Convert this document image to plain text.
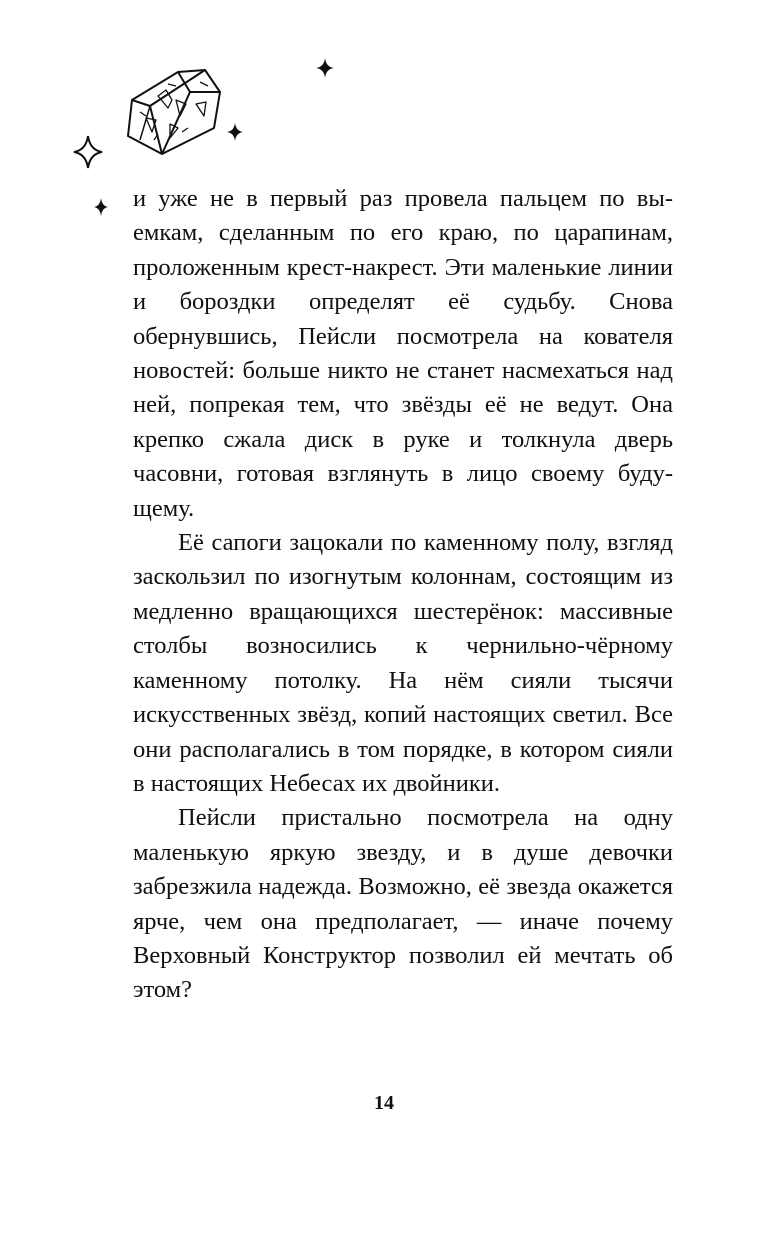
и уже не в первый раз провела пальцем по выемкам, сделанным по его краю, по царапинам, проложенным крест-накрест. Эти маленькие линии и бороздки определят её судьбу. Снова обернувшись, Пейсли посмотрела на кователя новостей: больше никто не станет насмехаться над ней, попрекая тем, что звёзды её не ведут. Она крепко сжала диск в руке и толкнула дверь часовни, готовая взглянуть в лицо своему будущему.

Её сапоги зацокали по каменному полу, взгляд заскользил по изогнутым колоннам, состоящим из медленно вращающихся шестерёнок: массивные столбы возносились к чернильно-чёрному каменному потолку. На нём сияли тысячи искусственных звёзд, копий настоящих светил. Все они располагались в том порядке, в котором сияли в настоящих Небесах их двойники.

Пейсли пристально посмотрела на одну маленькую яркую звезду, и в душе девочки забрезжила надежда. Возможно, её звезда окажется ярче, чем она предполагает, — иначе почему Верховный Конструктор позволил ей мечтать об этом?

14
